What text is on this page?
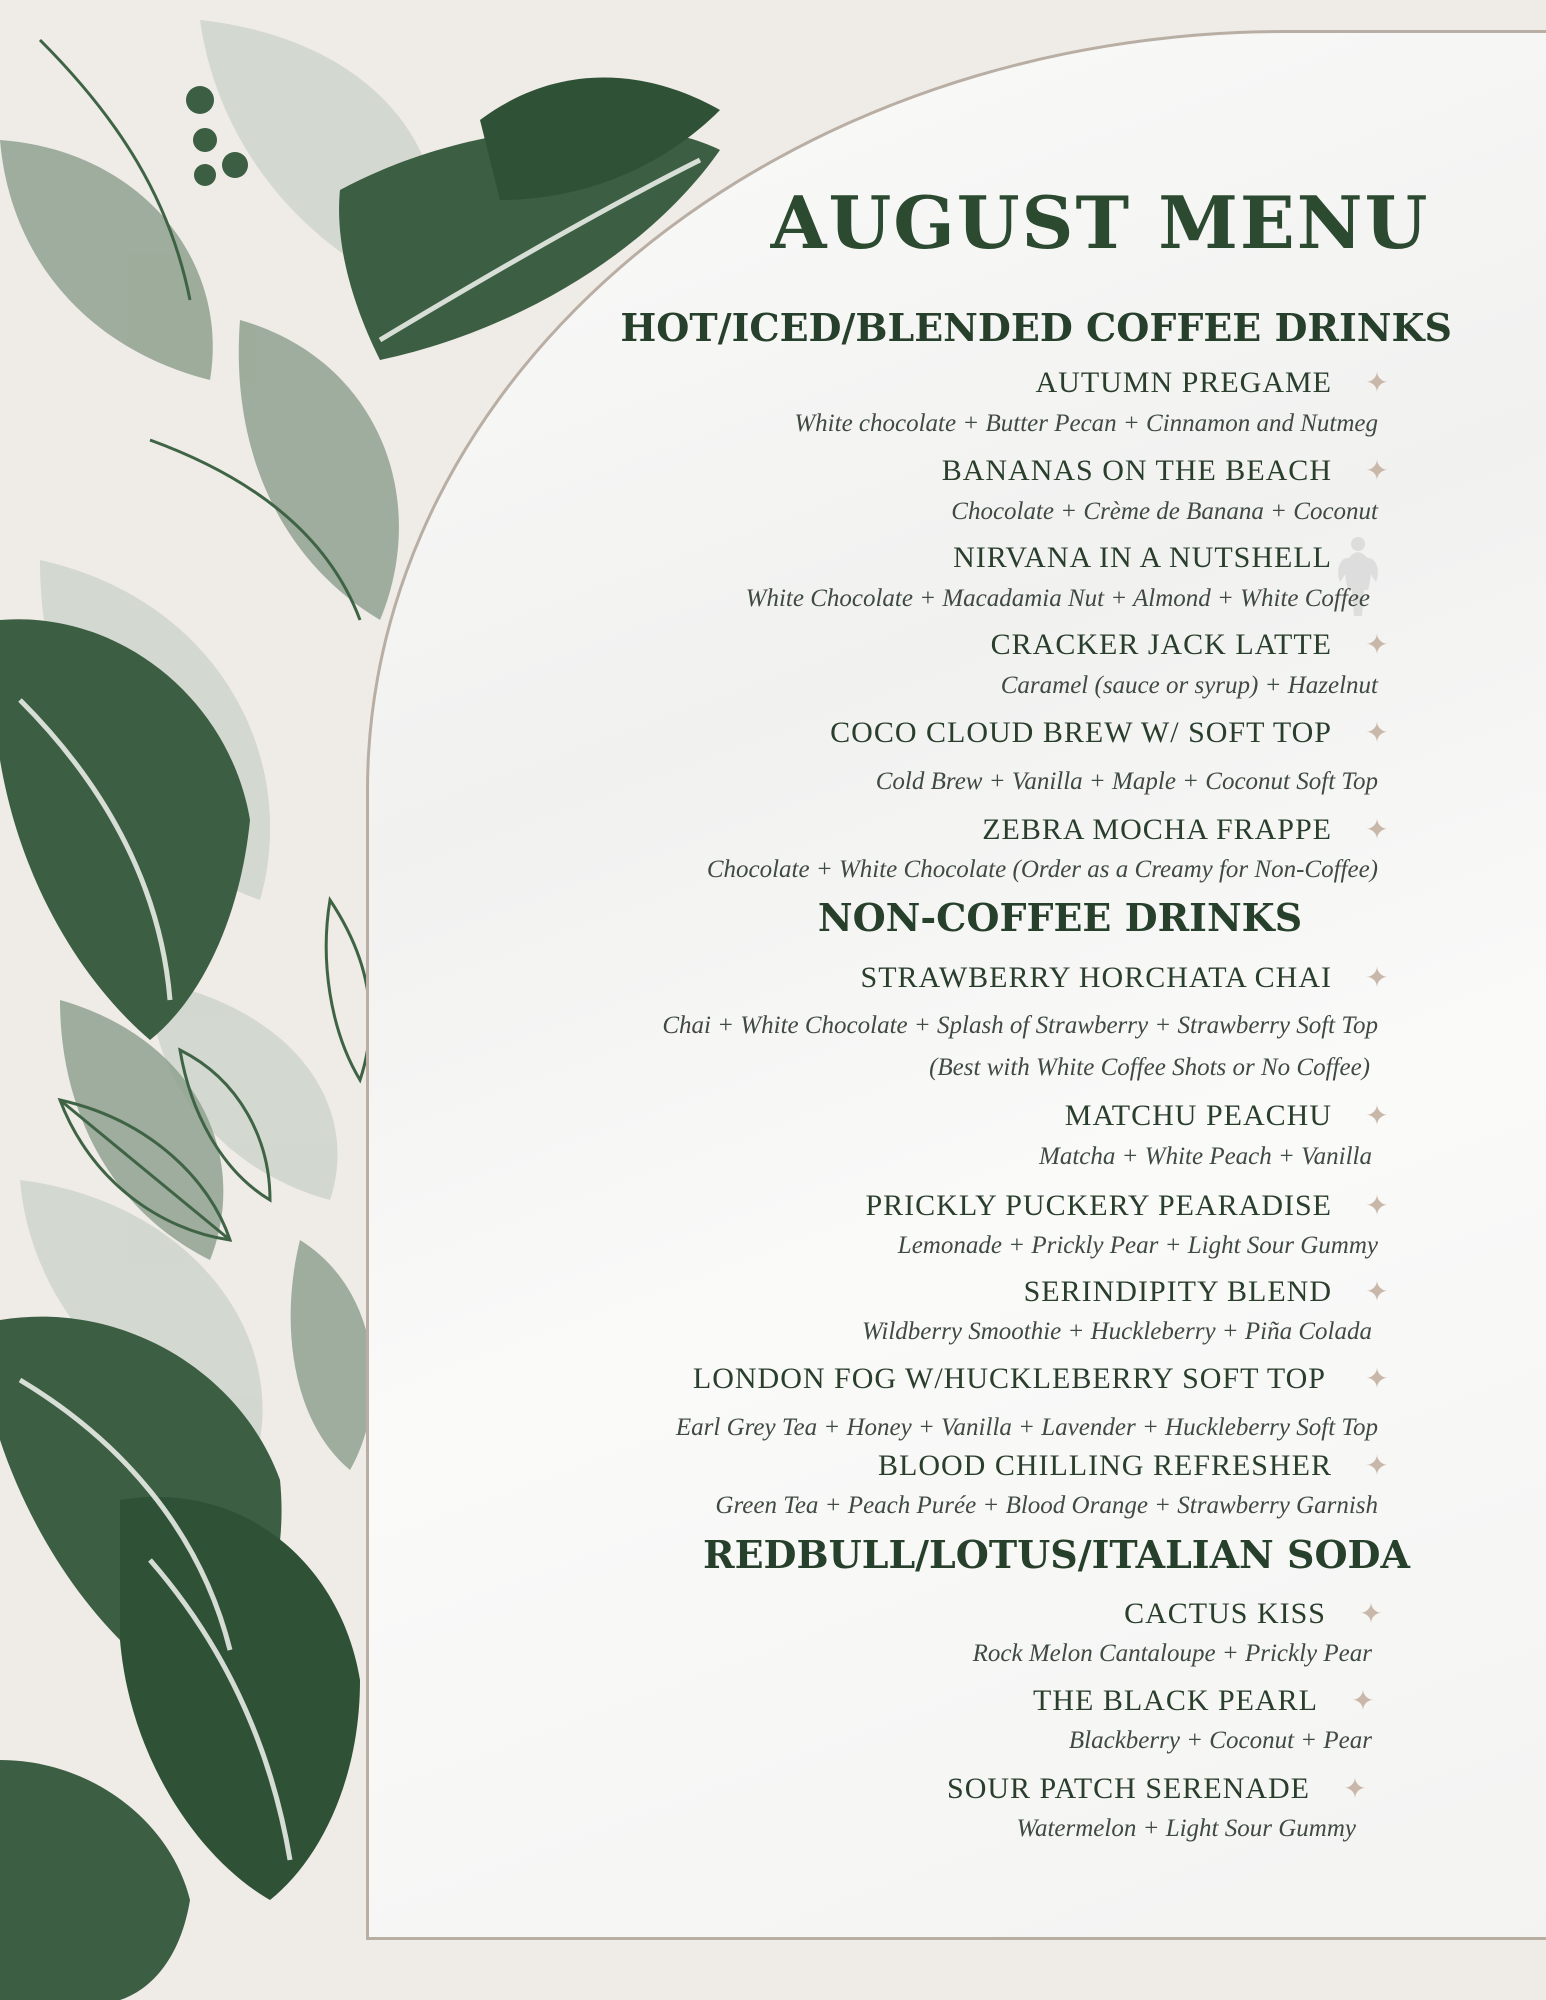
AUGUST MENU
HOT/ICED/BLENDED COFFEE DRINKS
AUTUMN PREGAME ✦
White chocolate + Butter Pecan + Cinnamon and Nutmeg
BANANAS ON THE BEACH ✦
Chocolate + Crème de Banana + Coconut
NIRVANA IN A NUTSHELL
White Chocolate + Macadamia Nut + Almond + White Coffee
CRACKER JACK LATTE ✦
Caramel (sauce or syrup) + Hazelnut
COCO CLOUD BREW W/ SOFT TOP ✦
Cold Brew + Vanilla + Maple + Coconut Soft Top
ZEBRA MOCHA FRAPPE ✦
Chocolate + White Chocolate (Order as a Creamy for Non-Coffee)
NON-COFFEE DRINKS
STRAWBERRY HORCHATA CHAI ✦
Chai + White Chocolate + Splash of Strawberry + Strawberry Soft Top
(Best with White Coffee Shots or No Coffee)
MATCHU PEACHU ✦
Matcha + White Peach + Vanilla
PRICKLY PUCKERY PEARADISE ✦
Lemonade + Prickly Pear + Light Sour Gummy
SERINDIPITY BLEND ✦
Wildberry Smoothie + Huckleberry + Piña Colada
LONDON FOG W/HUCKLEBERRY SOFT TOP ✦
Earl Grey Tea + Honey + Vanilla + Lavender + Huckleberry Soft Top
BLOOD CHILLING REFRESHER ✦
Green Tea + Peach Purée + Blood Orange + Strawberry Garnish
REDBULL/LOTUS/ITALIAN SODA
CACTUS KISS ✦
Rock Melon Cantaloupe + Prickly Pear
THE BLACK PEARL ✦
Blackberry + Coconut + Pear
SOUR PATCH SERENADE ✦
Watermelon + Light Sour Gummy
